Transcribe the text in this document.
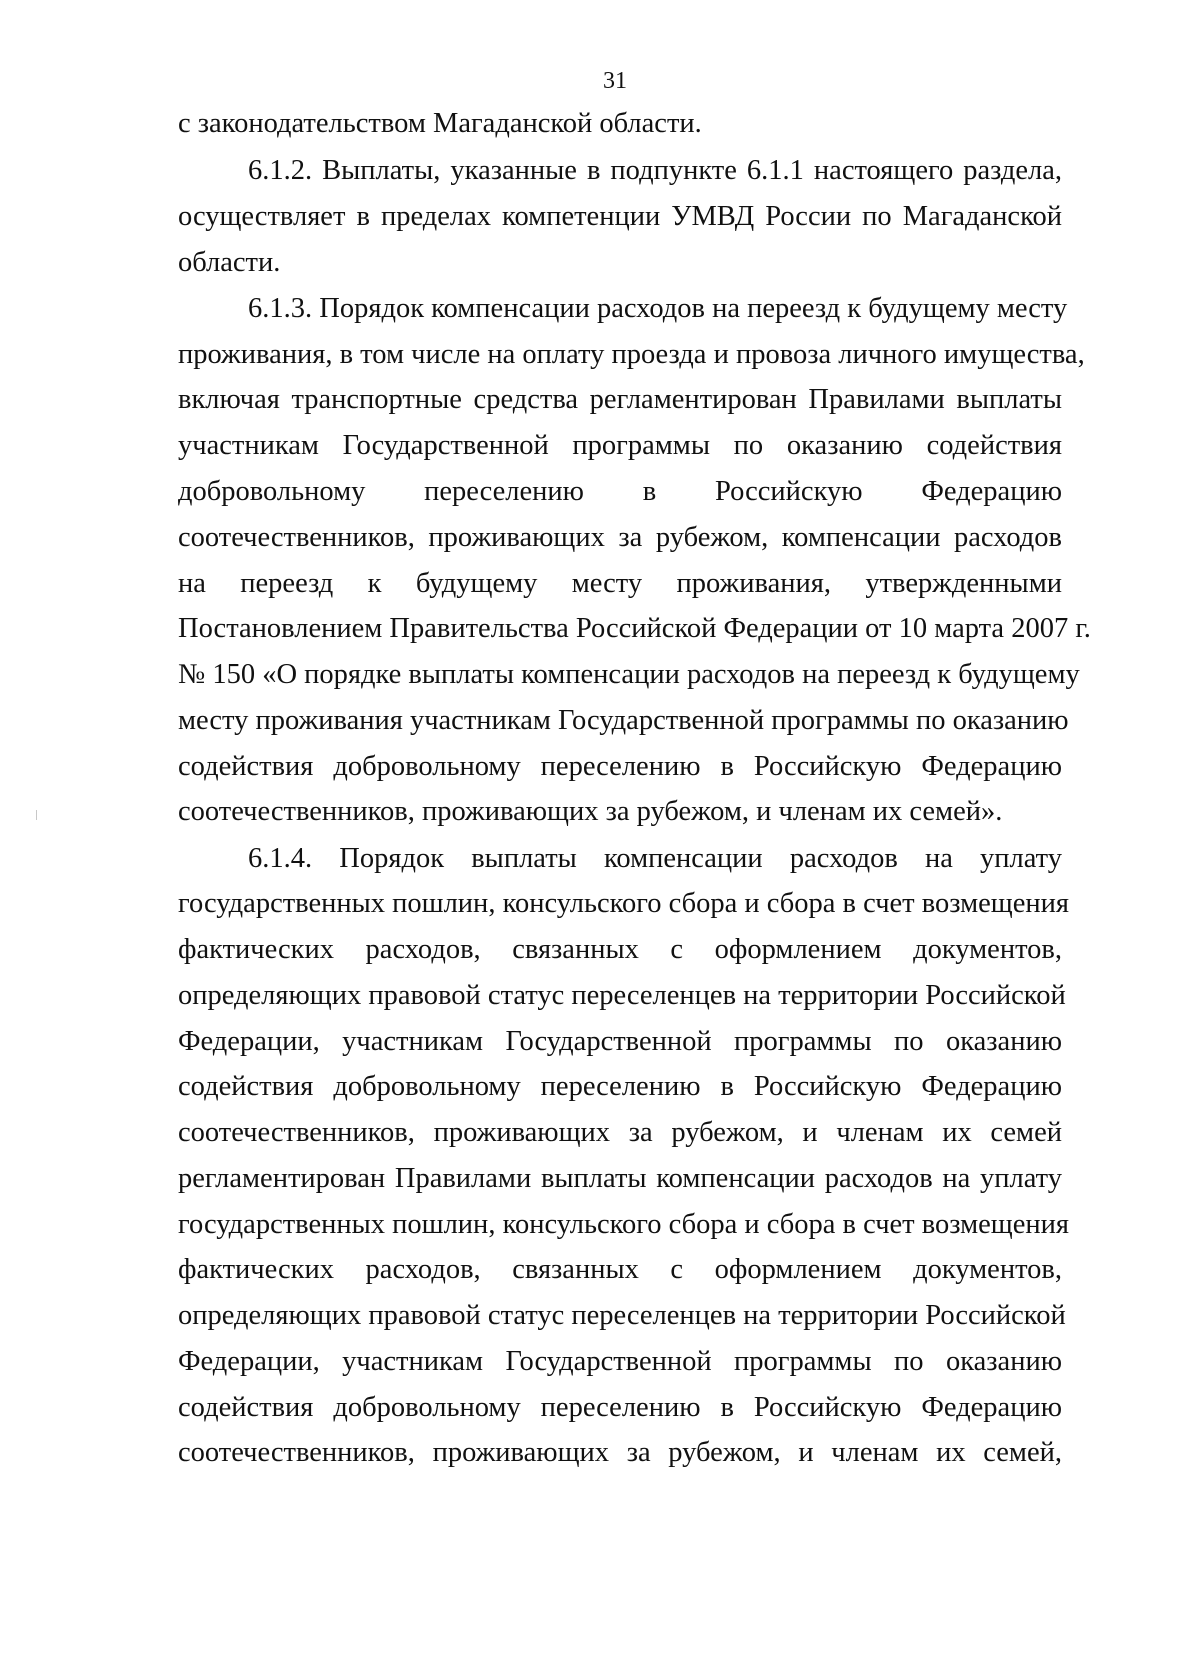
31
с законодательством Магаданской области.
6.1.2. Выплаты, указанные в подпункте 6.1.1 настоящего раздела,
осуществляет в пределах компетенции УМВД России по Магаданской
области.
6.1.3. Порядок компенсации расходов на переезд к будущему месту
проживания, в том числе на оплату проезда и провоза личного имущества,
включая транспортные средства регламентирован Правилами выплаты
участникам Государственной программы по оказанию содействия
добровольному переселению в Российскую Федерацию
соотечественников, проживающих за рубежом, компенсации расходов
на переезд к будущему месту проживания, утвержденными
Постановлением Правительства Российской Федерации от 10 марта 2007 г.
№ 150 «О порядке выплаты компенсации расходов на переезд к будущему
месту проживания участникам Государственной программы по оказанию
содействия добровольному переселению в Российскую Федерацию
соотечественников, проживающих за рубежом, и членам их семей».
6.1.4. Порядок выплаты компенсации расходов на уплату
государственных пошлин, консульского сбора и сбора в счет возмещения
фактических расходов, связанных с оформлением документов,
определяющих правовой статус переселенцев на территории Российской
Федерации, участникам Государственной программы по оказанию
содействия добровольному переселению в Российскую Федерацию
соотечественников, проживающих за рубежом, и членам их семей
регламентирован Правилами выплаты компенсации расходов на уплату
государственных пошлин, консульского сбора и сбора в счет возмещения
фактических расходов, связанных с оформлением документов,
определяющих правовой статус переселенцев на территории Российской
Федерации, участникам Государственной программы по оказанию
содействия добровольному переселению в Российскую Федерацию
соотечественников, проживающих за рубежом, и членам их семей,
